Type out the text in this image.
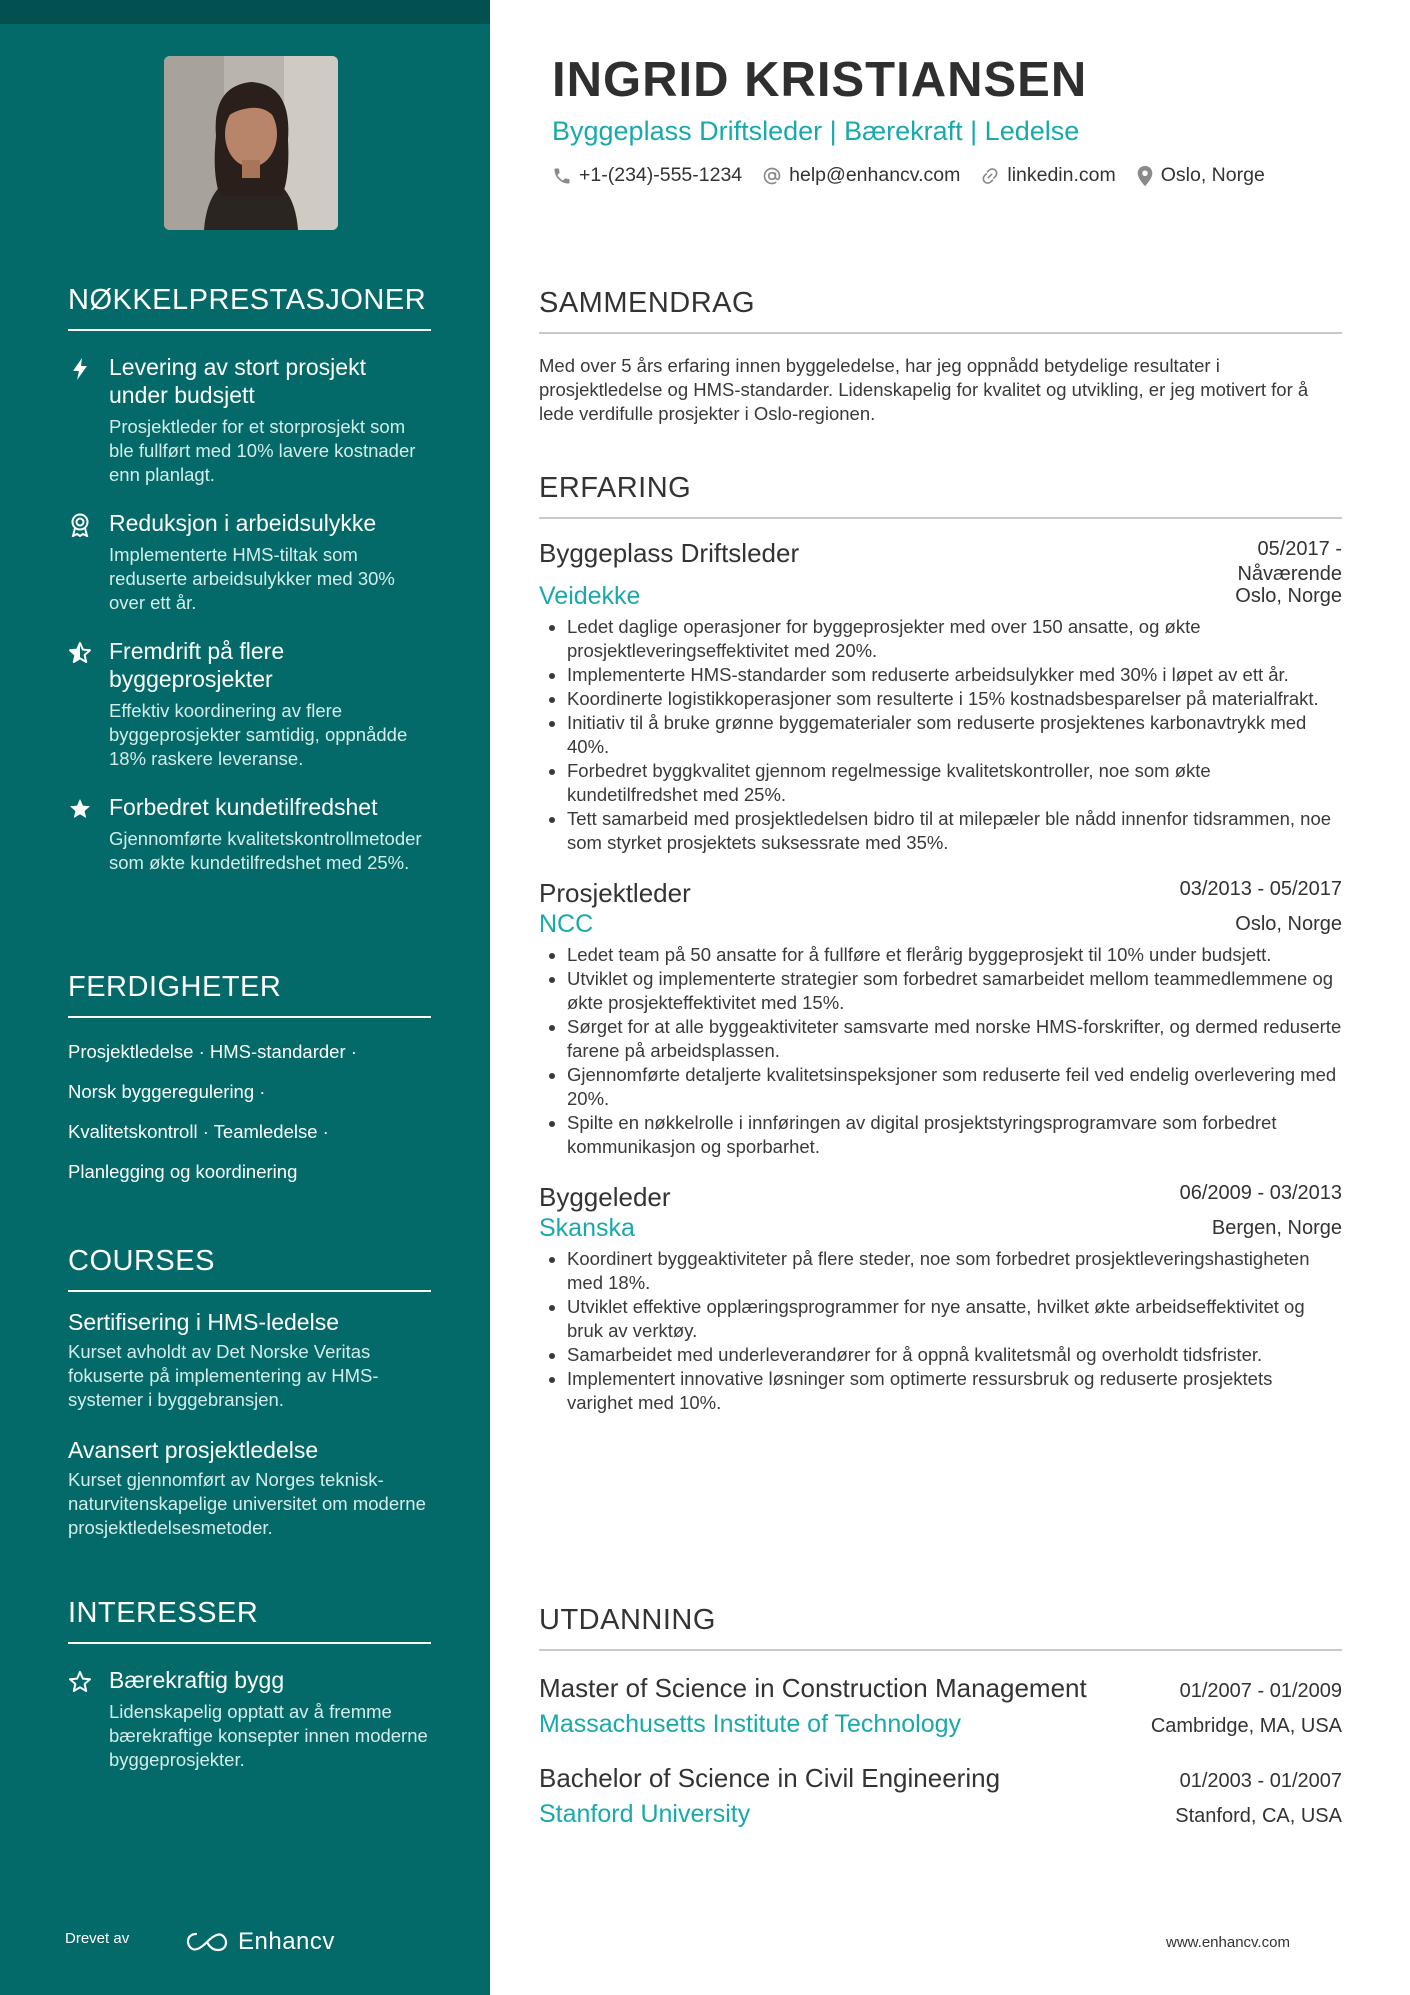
NØKKELPRESTASJONER
Levering av stort prosjekt under budsjett
Prosjektleder for et storprosjekt som ble fullført med 10% lavere kostnader enn planlagt.
Reduksjon i arbeidsulykke
Implementerte HMS-tiltak som reduserte arbeidsulykker med 30% over ett år.
Fremdrift på flere byggeprosjekter
Effektiv koordinering av flere byggeprosjekter samtidig, oppnådde 18% raskere leveranse.
Forbedret kundetilfredshet
Gjennomførte kvalitetskontrollmetoder som økte kundetilfredshet med 25%.
FERDIGHETER
Prosjektledelse · HMS-standarder ·
Norsk byggeregulering ·
Kvalitetskontroll · Teamledelse ·
Planlegging og koordinering
COURSES
Sertifisering i HMS-ledelse
Kurset avholdt av Det Norske Veritas fokuserte på implementering av HMS-systemer i byggebransjen.
Avansert prosjektledelse
Kurset gjennomført av Norges teknisk-naturvitenskapelige universitet om moderne prosjektledelsesmetoder.
INTERESSER
Bærekraftig bygg
Lidenskapelig opptatt av å fremme bærekraftige konsepter innen moderne byggeprosjekter.
Drevet av	Enhancv
INGRID KRISTIANSEN
Byggeplass Driftsleder | Bærekraft | Ledelse
+1-(234)-555-1234 help@enhancv.com linkedin.com Oslo, Norge
SAMMENDRAG
Med over 5 års erfaring innen byggeledelse, har jeg oppnådd betydelige resultater i prosjektledelse og HMS-standarder. Lidenskapelig for kvalitet og utvikling, er jeg motivert for å lede verdifulle prosjekter i Oslo-regionen.
ERFARING
Byggeplass Driftsleder	05/2017 -
Nåværende
Veidekke	Oslo, Norge
• Ledet daglige operasjoner for byggeprosjekter med over 150 ansatte, og økte prosjektleveringseffektivitet med 20%.
• Implementerte HMS-standarder som reduserte arbeidsulykker med 30% i løpet av ett år.
• Koordinerte logistikkoperasjoner som resulterte i 15% kostnadsbesparelser på materialfrakt.
• Initiativ til å bruke grønne byggematerialer som reduserte prosjektenes karbonavtrykk med 40%.
• Forbedret byggkvalitet gjennom regelmessige kvalitetskontroller, noe som økte kundetilfredshet med 25%.
• Tett samarbeid med prosjektledelsen bidro til at milepæler ble nådd innenfor tidsrammen, noe som styrket prosjektets suksessrate med 35%.
Prosjektleder	03/2013 - 05/2017
NCC	Oslo, Norge
• Ledet team på 50 ansatte for å fullføre et flerårig byggeprosjekt til 10% under budsjett.
• Utviklet og implementerte strategier som forbedret samarbeidet mellom teammedlemmene og økte prosjekteffektivitet med 15%.
• Sørget for at alle byggeaktiviteter samsvarte med norske HMS-forskrifter, og dermed reduserte farene på arbeidsplassen.
• Gjennomførte detaljerte kvalitetsinspeksjoner som reduserte feil ved endelig overlevering med 20%.
• Spilte en nøkkelrolle i innføringen av digital prosjektstyringsprogramvare som forbedret kommunikasjon og sporbarhet.
Byggeleder	06/2009 - 03/2013
Skanska	Bergen, Norge
• Koordinert byggeaktiviteter på flere steder, noe som forbedret prosjektleveringshastigheten med 18%.
• Utviklet effektive opplæringsprogrammer for nye ansatte, hvilket økte arbeidseffektivitet og bruk av verktøy.
• Samarbeidet med underleverandører for å oppnå kvalitetsmål og overholdt tidsfrister.
• Implementert innovative løsninger som optimerte ressursbruk og reduserte prosjektets varighet med 10%.
UTDANNING
Master of Science in Construction Management	01/2007 - 01/2009
Massachusetts Institute of Technology	Cambridge, MA, USA
Bachelor of Science in Civil Engineering	01/2003 - 01/2007
Stanford University	Stanford, CA, USA
www.enhancv.com
